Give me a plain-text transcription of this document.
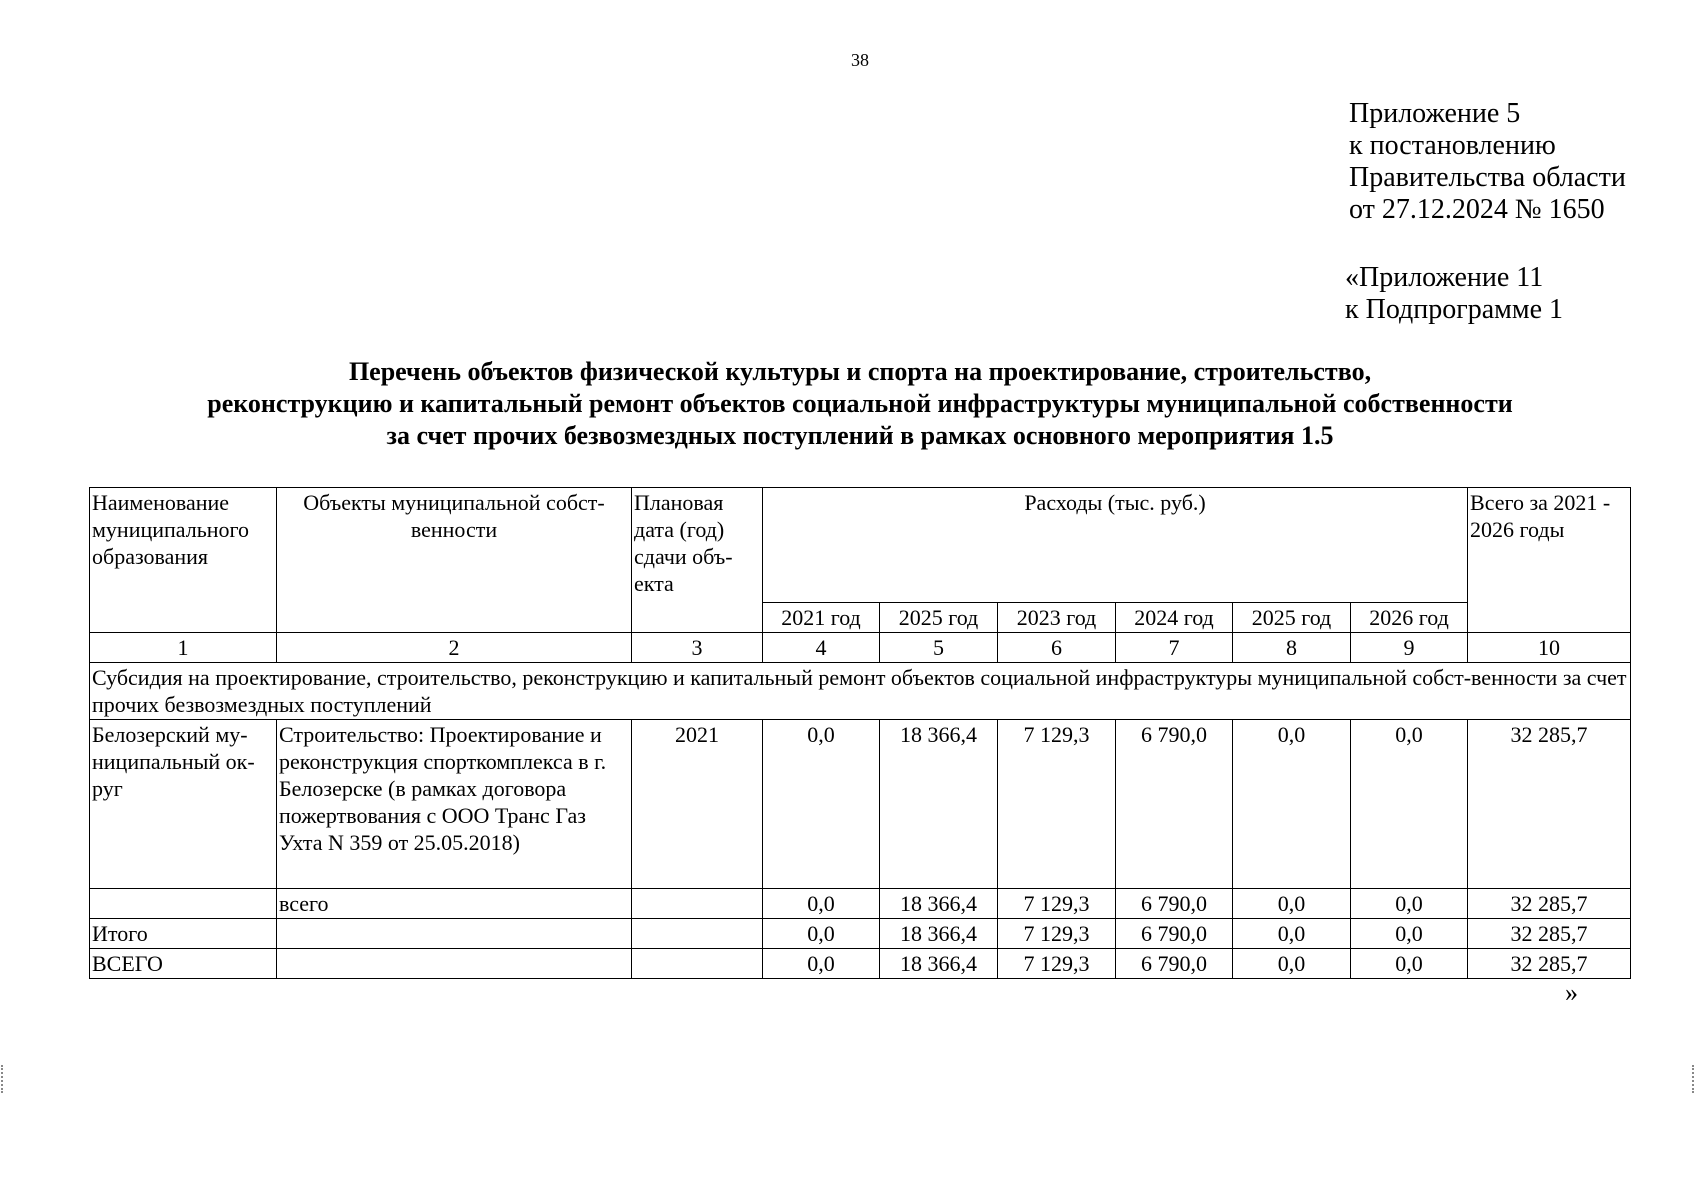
38
Приложение 5
к постановлению
Правительства области
от 27.12.2024 № 1650
«Приложение 11
к Подпрограмме 1
Перечень объектов физической культуры и спорта на проектирование, строительство,
реконструкцию и капитальный ремонт объектов социальной инфраструктуры муниципальной собственности
за счет прочих безвозмездных поступлений в рамках основного мероприятия 1.5
Наименование муниципального образования	Объекты муниципальной собст-венности	Плановая дата (год) сдачи объ-екта	Расходы (тыс. руб.)						Всего за 2021 - 2026 годы
			2021 год	2025 год	2023 год	2024 год	2025 год	2026 год	
1	2	3	4	5	6	7	8	9	10
Субсидия на проектирование, строительство, реконструкцию и капитальный ремонт объектов социальной инфраструктуры муниципальной собст-венности за счет прочих безвозмездных поступлений									
Белозерский му-ниципальный ок-руг	Строительство: Проектирование и реконструкция спорткомплекса в г. Белозерске (в рамках договора пожертвования с ООО Транс Газ Ухта N 359 от 25.05.2018)	2021	0,0	18 366,4	7 129,3	6 790,0	0,0	0,0	32 285,7
	всего		0,0	18 366,4	7 129,3	6 790,0	0,0	0,0	32 285,7
Итого			0,0	18 366,4	7 129,3	6 790,0	0,0	0,0	32 285,7
ВСЕГО			0,0	18 366,4	7 129,3	6 790,0	0,0	0,0	32 285,7
»
